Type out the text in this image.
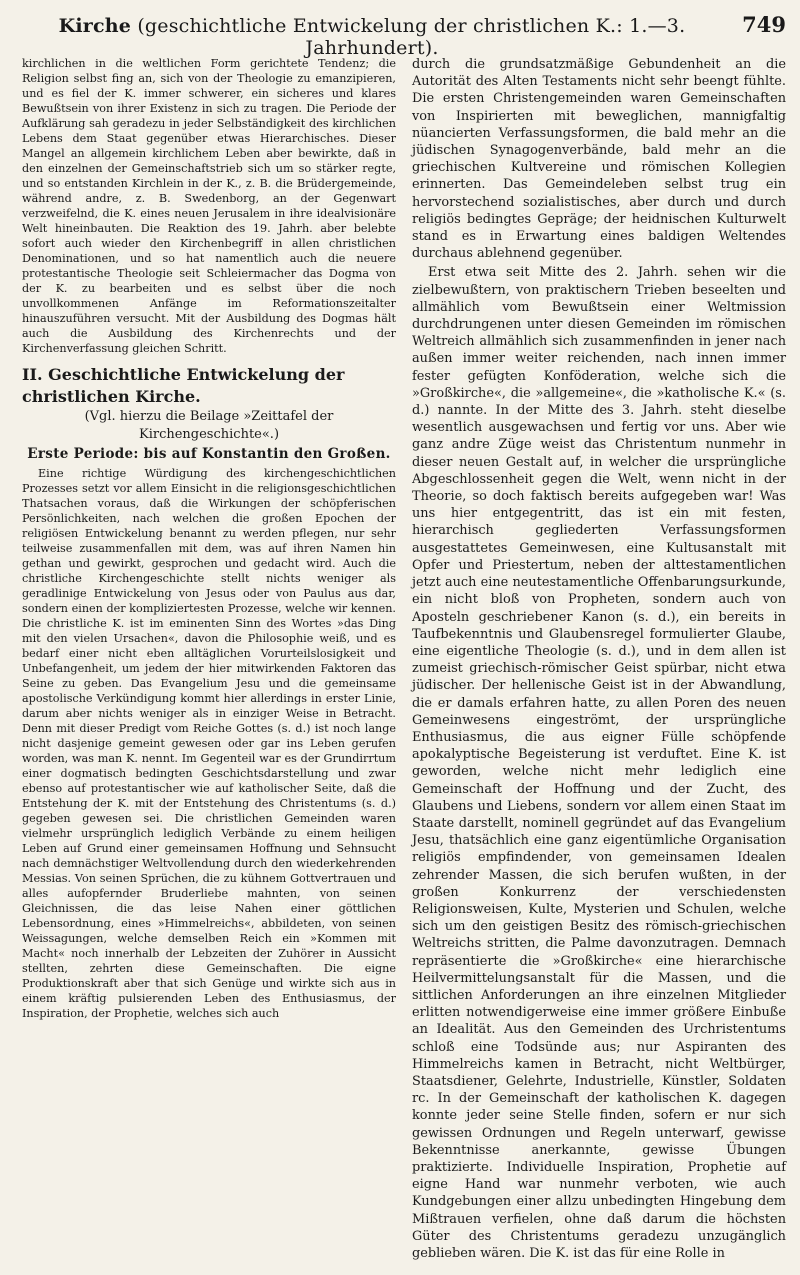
Kirche (geschichtliche Entwickelung der christlichen K.: 1.—3. Jahrhundert).
749

kirchlichen in die weltlichen Form gerichtete Tendenz; die Religion selbst fing an, sich von der Theologie zu emanzipieren, und es fiel der K. immer schwerer, ein sicheres und klares Bewußtsein von ihrer Existenz in sich zu tragen. Die Periode der Aufklärung sah geradezu in jeder Selbständigkeit des kirchlichen Lebens dem Staat gegenüber etwas Hierarchisches. Dieser Mangel an allgemein kirchlichem Leben aber bewirkte, daß in den einzelnen der Gemeinschaftstrieb sich um so stärker regte, und so entstanden Kirchlein in der K., z. B. die Brüdergemeinde, während andre, z. B. Swedenborg, an der Gegenwart verzweifelnd, die K. eines neuen Jerusalem in ihre idealvisionäre Welt hineinbauten. Die Reaktion des 19. Jahrh. aber belebte sofort auch wieder den Kirchenbegriff in allen christlichen Denominationen, und so hat namentlich auch die neuere protestantische Theologie seit Schleiermacher das Dogma von der K. zu bearbeiten und es selbst über die noch unvollkommenen Anfänge im Reformationszeitalter hinauszuführen versucht. Mit der Ausbildung des Dogmas hält auch die Ausbildung des Kirchenrechts und der Kirchenverfassung gleichen Schritt.

II. Geschichtliche Entwickelung der christlichen Kirche.
(Vgl. hierzu die Beilage »Zeittafel der Kirchengeschichte«.)
Erste Periode: bis auf Konstantin den Großen.

Eine richtige Würdigung des kirchengeschichtlichen Prozesses setzt vor allem Einsicht in die religionsgeschichtlichen Thatsachen voraus, daß die Wirkungen der schöpferischen Persönlichkeiten, nach welchen die großen Epochen der religiösen Entwickelung benannt zu werden pflegen, nur sehr teilweise zusammenfallen mit dem, was auf ihren Namen hin gethan und gewirkt, gesprochen und gedacht wird. Auch die christliche Kirchengeschichte stellt nichts weniger als geradlinige Entwickelung von Jesus oder von Paulus aus dar, sondern einen der kompliziertesten Prozesse, welche wir kennen. Die christliche K. ist im eminenten Sinn des Wortes »das Ding mit den vielen Ursachen«, davon die Philosophie weiß, und es bedarf einer nicht eben alltäglichen Vorurteilslosigkeit und Unbefangenheit, um jedem der hier mitwirkenden Faktoren das Seine zu geben. Das Evangelium Jesu und die gemeinsame apostolische Verkündigung kommt hier allerdings in erster Linie, darum aber nichts weniger als in einziger Weise in Betracht. Denn mit dieser Predigt vom Reiche Gottes (s. d.) ist noch lange nicht dasjenige gemeint gewesen oder gar ins Leben gerufen worden, was man K. nennt. Im Gegenteil war es der Grundirrtum einer dogmatisch bedingten Geschichtsdarstellung und zwar ebenso auf protestantischer wie auf katholischer Seite, daß die Entstehung der K. mit der Entstehung des Christentums (s. d.) gegeben gewesen sei. Die christlichen Gemeinden waren vielmehr ursprünglich lediglich Verbände zu einem heiligen Leben auf Grund einer gemeinsamen Hoffnung und Sehnsucht nach demnächstiger Weltvollendung durch den wiederkehrenden Messias. Von seinen Sprüchen, die zu kühnem Gottvertrauen und alles aufopfernder Bruderliebe mahnten, von seinen Gleichnissen, die das leise Nahen einer göttlichen Lebensordnung, eines »Himmelreichs«, abbildeten, von seinen Weissagungen, welche demselben Reich ein »Kommen mit Macht« noch innerhalb der Lebzeiten der Zuhörer in Aussicht stellten, zehrten diese Gemeinschaften. Die eigne Produktionskraft aber that sich Genüge und wirkte sich aus in einem kräftig pulsierenden Leben des Enthusiasmus, der Inspiration, der Prophetie, welches sich auch

durch die grundsatzmäßige Gebundenheit an die Autorität des Alten Testaments nicht sehr beengt fühlte. Die ersten Christengemeinden waren Gemeinschaften von Inspirierten mit beweglichen, mannigfaltig nüancierten Verfassungsformen, die bald mehr an die jüdischen Synagogenverbände, bald mehr an die griechischen Kultvereine und römischen Kollegien erinnerten. Das Gemeindeleben selbst trug ein hervorstechend sozialistisches, aber durch und durch religiös bedingtes Gepräge; der heidnischen Kulturwelt stand es in Erwartung eines baldigen Weltendes durchaus ablehnend gegenüber.

Erst etwa seit Mitte des 2. Jahrh. sehen wir die zielbewußtern, von praktischern Trieben beseelten und allmählich vom Bewußtsein einer Weltmission durchdrungenen unter diesen Gemeinden im römischen Weltreich allmählich sich zusammenfinden in jener nach außen immer weiter reichenden, nach innen immer fester gefügten Konföderation, welche sich die »Großkirche«, die »allgemeine«, die »katholische K.« (s. d.) nannte. In der Mitte des 3. Jahrh. steht dieselbe wesentlich ausgewachsen und fertig vor uns. Aber wie ganz andre Züge weist das Christentum nunmehr in dieser neuen Gestalt auf, in welcher die ursprüngliche Abgeschlossenheit gegen die Welt, wenn nicht in der Theorie, so doch faktisch bereits aufgegeben war! Was uns hier entgegentritt, das ist ein mit festen, hierarchisch gegliederten Verfassungsformen ausgestattetes Gemeinwesen, eine Kultusanstalt mit Opfer und Priestertum, neben der alttestamentlichen jetzt auch eine neutestamentliche Offenbarungsurkunde, ein nicht bloß von Propheten, sondern auch von Aposteln geschriebener Kanon (s. d.), ein bereits in Taufbekenntnis und Glaubensregel formulierter Glaube, eine eigentliche Theologie (s. d.), und in dem allen ist zumeist griechisch-römischer Geist spürbar, nicht etwa jüdischer. Der hellenische Geist ist in der Abwandlung, die er damals erfahren hatte, zu allen Poren des neuen Gemeinwesens eingeströmt, der ursprüngliche Enthusiasmus, die aus eigner Fülle schöpfende apokalyptische Begeisterung ist verduftet. Eine K. ist geworden, welche nicht mehr lediglich eine Gemeinschaft der Hoffnung und der Zucht, des Glaubens und Liebens, sondern vor allem einen Staat im Staate darstellt, nominell gegründet auf das Evangelium Jesu, thatsächlich eine ganz eigentümliche Organisation religiös empfindender, von gemeinsamen Idealen zehrender Massen, die sich berufen wußten, in der großen Konkurrenz der verschiedensten Religionsweisen, Kulte, Mysterien und Schulen, welche sich um den geistigen Besitz des römisch-griechischen Weltreichs stritten, die Palme davonzutragen. Demnach repräsentierte die »Großkirche« eine hierarchische Heilvermittelungsanstalt für die Massen, und die sittlichen Anforderungen an ihre einzelnen Mitglieder erlitten notwendigerweise eine immer größere Einbuße an Idealität. Aus den Gemeinden des Urchristentums schloß eine Todsünde aus; nur Aspiranten des Himmelreichs kamen in Betracht, nicht Weltbürger, Staatsdiener, Gelehrte, Industrielle, Künstler, Soldaten rc. In der Gemeinschaft der katholischen K. dagegen konnte jeder seine Stelle finden, sofern er nur sich gewissen Ordnungen und Regeln unterwarf, gewisse Bekenntnisse anerkannte, gewisse Übungen praktizierte. Individuelle Inspiration, Prophetie auf eigne Hand war nunmehr verboten, wie auch Kundgebungen einer allzu unbedingten Hingebung dem Mißtrauen verfielen, ohne daß darum die höchsten Güter des Christentums geradezu unzugänglich geblieben wären. Die K. ist das für eine Rolle in
